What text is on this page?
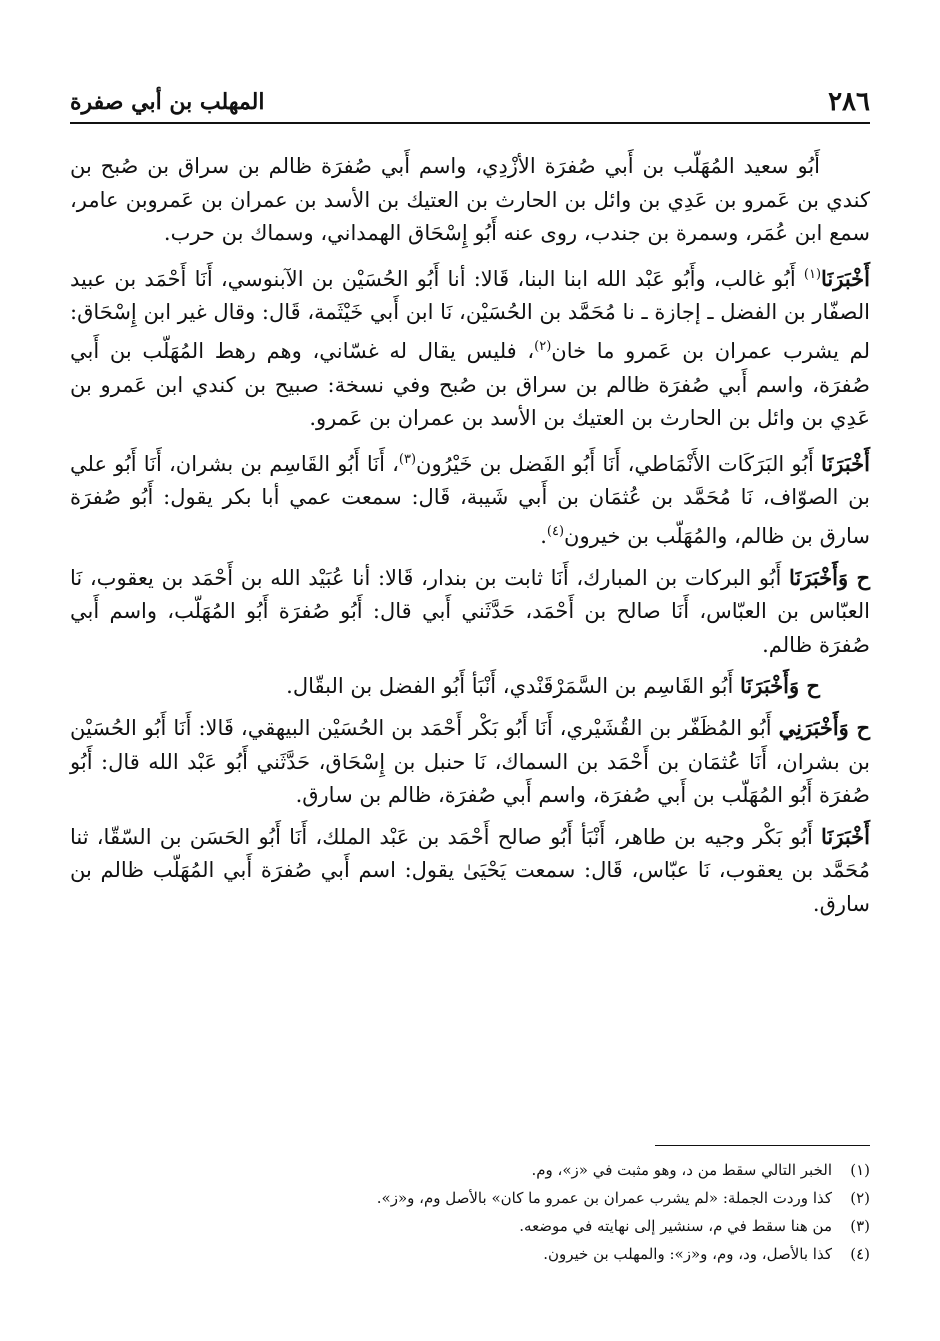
٢٨٦
المهلب بن أبي صفرة

أَبُو سعيد المُهَلّب بن أَبي صُفرَة الأزْدِي، واسم أَبي صُفرَة ظالم بن سراق بن صُبح بن كندي بن عَمرو بن عَدِي بن وائل بن الحارث بن العتيك بن الأسد بن عمران بن عَمروبن عامر، سمع ابن عُمَر، وسمرة بن جندب، روى عنه أَبُو إِسْحَاق الهمداني، وسماك بن حرب.

أَخْبَرَنَا$^{(١)}$ أَبُو غالب، وأَبُو عَبْد الله ابنا البنا، قَالا: أنا أَبُو الحُسَيْن بن الآبنوسي، أَنَا أَحْمَد بن عبيد الصفّار بن الفضل ـ إجازة ـ نا مُحَمَّد بن الحُسَيْن، نَا ابن أَبي خَيْثَمة، قَال: وقال غير ابن إِسْحَاق: لم يشرب عمران بن عَمرو ما خان$^{(٢)}$، فليس يقال له غسّاني، وهم رهط المُهَلّب بن أَبي صُفرَة، واسم أَبي صُفرَة ظالم بن سراق بن صُبح وفي نسخة: صبيح بن كندي ابن عَمرو بن عَدِي بن وائل بن الحارث بن العتيك بن الأسد بن عمران بن عَمرو.

أَخْبَرَنَا أَبُو البَرَكَات الأَنْمَاطي، أَنَا أَبُو الفَضل بن خَيْرُون$^{(٣)}$، أَنَا أَبُو القَاسِم بن بشران، أَنَا أَبُو علي بن الصوّاف، نَا مُحَمَّد بن عُثمَان بن أَبي شَيبة، قَال: سمعت عمي أبا بكر يقول: أَبُو صُفرَة سارق بن ظالم، والمُهَلّب بن خيرون$^{(٤)}$.

ح وَأَخْبَرَنَا أَبُو البركات بن المبارك، أَنَا ثابت بن بندار، قَالا: أنا عُبَيْد الله بن أَحْمَد بن يعقوب، نَا العبّاس بن العبّاس، أَنَا صالح بن أَحْمَد، حَدَّثَني أَبي قال: أَبُو صُفرَة أَبُو المُهَلّب، واسم أَبي صُفرَة ظالم.

ح وَأَخْبَرَنَا أَبُو القَاسِم بن السَّمَرْقَنْدي، أَنْبَأ أَبُو الفضل بن البقّال.

ح وَأَخْبَرَنِي أَبُو المُظَفّر بن القُشَيْري، أَنَا أَبُو بَكْر أَحْمَد بن الحُسَيْن البيهقي، قَالا: أَنَا أَبُو الحُسَيْن بن بشران، أَنَا عُثمَان بن أَحْمَد بن السماك، نَا حنبل بن إِسْحَاق، حَدَّثَني أَبُو عَبْد الله قال: أَبُو صُفرَة أَبُو المُهَلّب بن أَبي صُفرَة، واسم أَبي صُفرَة، ظالم بن سارق.

أَخْبَرَنَا أَبُو بَكْر وجيه بن طاهر، أَنْبَأ أَبُو صالح أَحْمَد بن عَبْد الملك، أَنَا أَبُو الحَسَن بن السّقّا، ثنا مُحَمَّد بن يعقوب، نَا عبّاس، قَال: سمعت يَحْيَىٰ يقول: اسم أَبي صُفرَة أَبي المُهَلّب ظالم بن سارق.

(١)
الخبر التالي سقط من د، وهو مثبت في «ز»، وم.
(٢)
كذا وردت الجملة: «لم يشرب عمران بن عمرو ما كان» بالأصل وم، و«ز».
(٣)
من هنا سقط في م، سنشير إلى نهايته في موضعه.
(٤)
كذا بالأصل، ود، وم، و«ز»: والمهلب بن خيرون.
